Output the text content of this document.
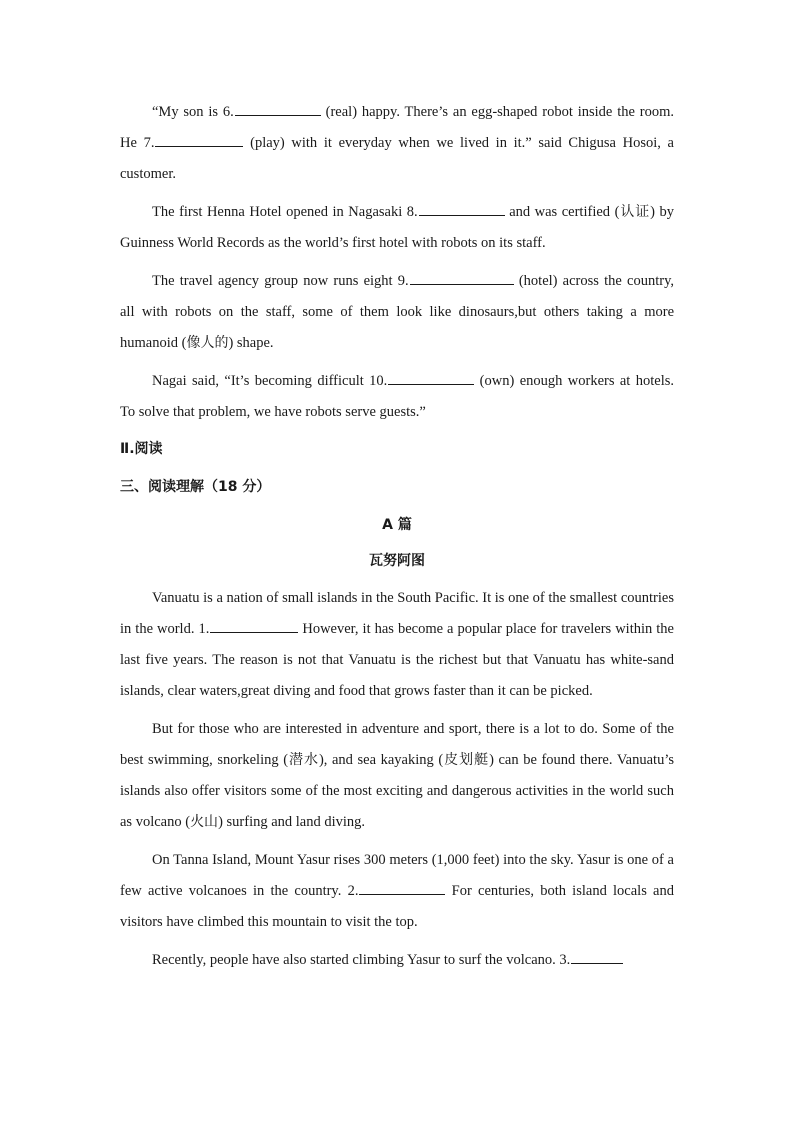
“My son is 6.	(real) happy. There’s an egg-shaped robot inside the room. He 7.	(play) with it everyday when we lived in it.” said Chigusa Hosoi, a customer.

The first Henna Hotel opened in Nagasaki 8.	and was certified (认证) by Guinness World Records as the world’s first hotel with robots on its staff.

The travel agency group now runs eight 9.	(hotel) across the country, all with robots on the staff, some of them look like dinosaurs,but others taking a more humanoid (像人的) shape.

Nagai said, “It’s becoming difficult 10.	(own) enough workers at hotels. To solve that problem, we have robots serve guests.”

Ⅱ.阅读
三、阅读理解（18 分）
A 篇
瓦努阿图

Vanuatu is a nation of small islands in the South Pacific. It is one of the smallest countries in the world. 1.	However, it has become a popular place for travelers within the last five years. The reason is not that Vanuatu is the richest but that Vanuatu has white-sand islands, clear waters,great diving and food that grows faster than it can be picked.

But for those who are interested in adventure and sport, there is a lot to do. Some of the best swimming, snorkeling (潜水), and sea kayaking (皮划艇) can be found there. Vanuatu’s islands also offer visitors some of the most exciting and dangerous activities in the world such as volcano (火山) surfing and land diving.

On Tanna Island, Mount Yasur rises 300 meters (1,000 feet) into the sky. Yasur is one of a few active volcanoes in the country. 2.	For centuries, both island locals and visitors have climbed this mountain to visit the top.

Recently, people have also started climbing Yasur to surf the volcano. 3.
